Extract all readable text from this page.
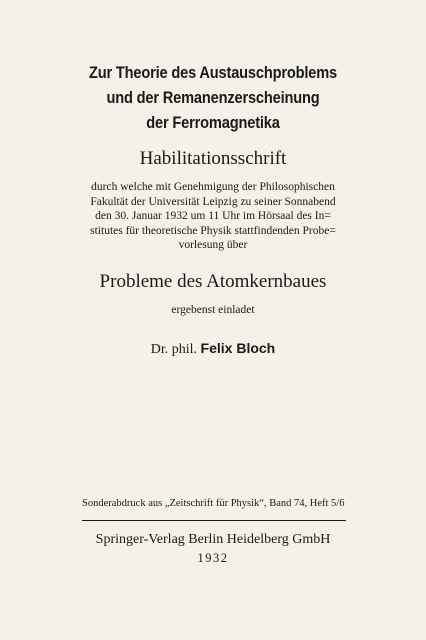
Zur Theorie des Austauschproblems
und der Remanenzerscheinung
der Ferromagnetika
Habilitationsschrift
durch welche mit Genehmigung der Philosophischen
Fakultät der Universität Leipzig zu seiner Sonnabend
den 30. Januar 1932 um 11 Uhr im Hörsaal des In=
stitutes für theoretische Physik stattfindenden Probe=
vorlesung über
Probleme des Atomkernbaues
ergebenst einladet
Dr. phil. Felix Bloch
Sonderabdruck aus „Zeitschrift für Physik“, Band 74, Heft 5/6
Springer-Verlag Berlin Heidelberg GmbH
1932
